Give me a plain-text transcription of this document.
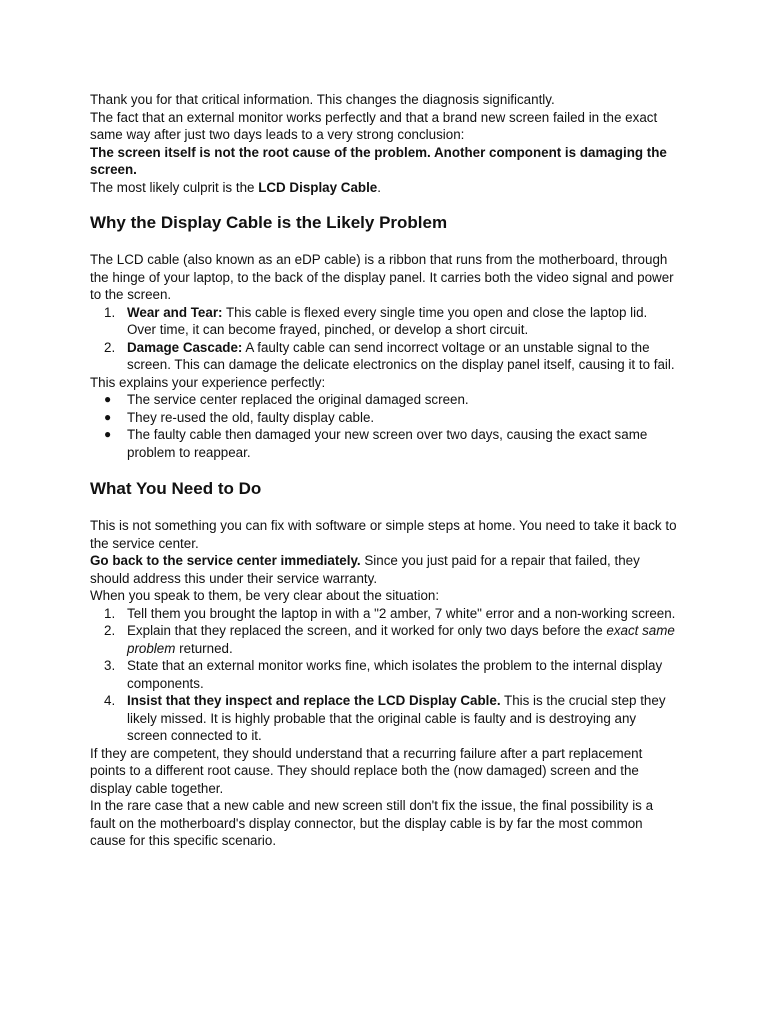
Thank you for that critical information. This changes the diagnosis significantly.

The fact that an external monitor works perfectly and that a brand new screen failed in the exact same way after just two days leads to a very strong conclusion:

The screen itself is not the root cause of the problem. Another component is damaging the screen.

The most likely culprit is the LCD Display Cable.

Why the Display Cable is the Likely Problem

The LCD cable (also known as an eDP cable) is a ribbon that runs from the motherboard, through the hinge of your laptop, to the back of the display panel. It carries both the video signal and power to the screen.

1. Wear and Tear: This cable is flexed every single time you open and close the laptop lid. Over time, it can become frayed, pinched, or develop a short circuit.
2. Damage Cascade: A faulty cable can send incorrect voltage or an unstable signal to the screen. This can damage the delicate electronics on the display panel itself, causing it to fail.

This explains your experience perfectly:

● The service center replaced the original damaged screen.
● They re-used the old, faulty display cable.
● The faulty cable then damaged your new screen over two days, causing the exact same problem to reappear.
What You Need to Do

This is not something you can fix with software or simple steps at home. You need to take it back to the service center.

Go back to the service center immediately. Since you just paid for a repair that failed, they should address this under their service warranty.

When you speak to them, be very clear about the situation:

1. Tell them you brought the laptop in with a "2 amber, 7 white" error and a non-working screen.
2. Explain that they replaced the screen, and it worked for only two days before the exact same problem returned.
3. State that an external monitor works fine, which isolates the problem to the internal display components.
4. Insist that they inspect and replace the LCD Display Cable. This is the crucial step they likely missed. It is highly probable that the original cable is faulty and is destroying any screen connected to it.

If they are competent, they should understand that a recurring failure after a part replacement points to a different root cause. They should replace both the (now damaged) screen and the display cable together.

In the rare case that a new cable and new screen still don't fix the issue, the final possibility is a fault on the motherboard's display connector, but the display cable is by far the most common cause for this specific scenario.
